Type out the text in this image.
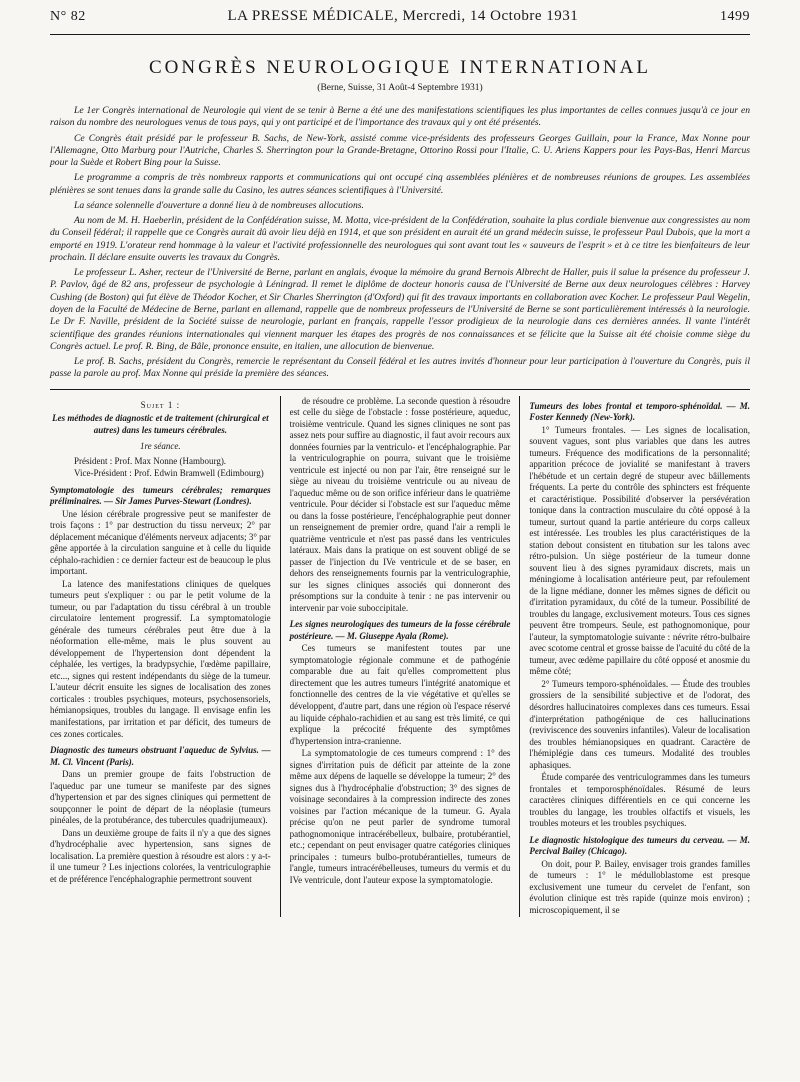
N° 82	LA PRESSE MÉDICALE, Mercredi, 14 Octobre 1931	1499
CONGRÈS NEUROLOGIQUE INTERNATIONAL
(Berne, Suisse, 31 Août-4 Septembre 1931)

Le 1er Congrès international de Neurologie qui vient de se tenir à Berne a été une des manifestations scientifiques les plus importantes de celles connues jusqu'à ce jour en raison du nombre des neurologues venus de tous pays, qui y ont participé et de l'importance des travaux qui y ont été présentés.

Ce Congrès était présidé par le professeur B. Sachs, de New-York, assisté comme vice-présidents des professeurs Georges Guillain, pour la France, Max Nonne pour l'Allemagne, Otto Marburg pour l'Autriche, Charles S. Sherrington pour la Grande-Bretagne, Ottorino Rossi pour l'Italie, C. U. Ariens Kappers pour les Pays-Bas, Henri Marcus pour la Suède et Robert Bing pour la Suisse.

Le programme a compris de très nombreux rapports et communications qui ont occupé cinq assemblées plénières et de nombreuses réunions de groupes. Les assemblées plénières se sont tenues dans la grande salle du Casino, les autres séances scientifiques à l'Université.

La séance solennelle d'ouverture a donné lieu à de nombreuses allocutions.

Au nom de M. H. Haeberlin, président de la Confédération suisse, M. Motta, vice-président de la Confédération, souhaite la plus cordiale bienvenue aux congressistes au nom du Conseil fédéral; il rappelle que ce Congrès aurait dû avoir lieu déjà en 1914, et que son président en aurait été un grand médecin suisse, le professeur Paul Dubois, que la mort a emporté en 1919. L'orateur rend hommage à la valeur et l'activité professionnelle des neurologues qui sont avant tout les « sauveurs de l'esprit » et à ce titre les bienfaiteurs de leur prochain. Il déclare ensuite ouverts les travaux du Congrès.

Le professeur L. Asher, recteur de l'Université de Berne, parlant en anglais, évoque la mémoire du grand Bernois Albrecht de Haller, puis il salue la présence du professeur J. P. Pavlov, âgé de 82 ans, professeur de psychologie à Léningrad. Il remet le diplôme de docteur honoris causa de l'Université de Berne aux deux neurologues célèbres : Harvey Cushing (de Boston) qui fut élève de Théodor Kocher, et Sir Charles Sherrington (d'Oxford) qui fit des travaux importants en collaboration avec Kocher. Le professeur Paul Wegelin, doyen de la Faculté de Médecine de Berne, parlant en allemand, rappelle que de nombreux professeurs de l'Université de Berne se sont particulièrement intéressés à la neurologie. Le Dr F. Naville, président de la Société suisse de neurologie, parlant en français, rappelle l'essor prodigieux de la neurologie dans ces dernières années. Il vante l'intérêt scientifique des grandes réunions internationales qui viennent marquer les étapes des progrès de nos connaissances et se félicite que la Suisse ait été choisie comme siège du Congrès actuel. Le prof. R. Bing, de Bâle, prononce ensuite, en italien, une allocution de bienvenue.

Le prof. B. Sachs, président du Congrès, remercie le représentant du Conseil fédéral et les autres invités d'honneur pour leur participation à l'ouverture du Congrès, puis il passe la parole au prof. Max Nonne qui préside la première des séances.

Sujet 1 :
Les méthodes de diagnostic et de traitement (chirurgical et autres) dans les tumeurs cérébrales.
1re séance.

Président : Prof. Max Nonne (Hambourg).

Vice-Président : Prof. Edwin Bramwell (Edimbourg)

Symptomatologie des tumeurs cérébrales; remarques préliminaires. — Sir James Purves-Stewart (Londres).

Une lésion cérébrale progressive peut se manifester de trois façons : 1° par destruction du tissu nerveux; 2° par déplacement mécanique d'éléments nerveux adjacents; 3° par gêne apportée à la circulation sanguine et à celle du liquide céphalo-rachidien : ce dernier facteur est de beaucoup le plus important.

La latence des manifestations cliniques de quelques tumeurs peut s'expliquer : ou par le petit volume de la tumeur, ou par l'adaptation du tissu cérébral à un trouble circulatoire lentement progressif. La symptomatologie générale des tumeurs cérébrales peut être due à la néoformation elle-même, mais le plus souvent au développement de l'hypertension dont dépendent la céphalée, les vertiges, la bradypsychie, l'œdème papillaire, etc..., signes qui restent indépendants du siège de la tumeur. L'auteur décrit ensuite les signes de localisation des zones corticales : troubles psychiques, moteurs, psychosensoriels, hémianopsiques, troubles du langage. Il envisage enfin les manifestations, par irritation et par déficit, des tumeurs de ces zones corticales.

Diagnostic des tumeurs obstruant l'aqueduc de Sylvius. — M. Cl. Vincent (Paris).

Dans un premier groupe de faits l'obstruction de l'aqueduc par une tumeur se manifeste par des signes d'hypertension et par des signes cliniques qui permettent de soupçonner le point de départ de la néoplasie (tumeurs pinéales, de la protubérance, des tubercules quadrijumeaux).

Dans un deuxième groupe de faits il n'y a que des signes d'hydrocéphalie avec hypertension, sans signes de localisation. La première question à résoudre est alors : y a-t-il une tumeur ? Les injections colorées, la ventriculographie et de préférence l'encéphalographie permettront souvent

de résoudre ce problème. La seconde question à résoudre est celle du siège de l'obstacle : fosse postérieure, aqueduc, troisième ventricule. Quand les signes cliniques ne sont pas assez nets pour suffire au diagnostic, il faut avoir recours aux données fournies par la ventriculo- et l'encéphalographie. Par la ventriculographie on pourra, suivant que le troisième ventricule est injecté ou non par l'air, être renseigné sur le siège au niveau du troisième ventricule ou au niveau de l'aqueduc même ou de son orifice inférieur dans le quatrième ventricule. Pour décider si l'obstacle est sur l'aqueduc même ou dans la fosse postérieure, l'encéphalographie peut donner un renseignement de premier ordre, quand l'air a rempli le quatrième ventricule et n'est pas passé dans les ventricules latéraux. Mais dans la pratique on est souvent obligé de se passer de l'injection du IVe ventricule et de se baser, en dehors des renseignements fournis par la ventriculographie, sur les signes cliniques associés qui donneront des présomptions sur la conduite à tenir : ne pas intervenir ou intervenir par voie suboccipitale.

Les signes neurologiques des tumeurs de la fosse cérébrale postérieure. — M. Giuseppe Ayala (Rome).

Ces tumeurs se manifestent toutes par une symptomatologie régionale commune et de pathogénie comparable due au fait qu'elles compromettent plus directement que les autres tumeurs l'intégrité anatomique et fonctionnelle des centres de la vie végétative et qu'elles se développent, d'autre part, dans une région où l'espace réservé au liquide céphalo-rachidien et au sang est très limité, ce qui explique la précocité fréquente des symptômes d'hypertension intra-cranienne.

La symptomatologie de ces tumeurs comprend : 1° des signes d'irritation puis de déficit par atteinte de la zone même aux dépens de laquelle se développe la tumeur; 2° des signes dus à l'hydrocéphalie d'obstruction; 3° des signes de voisinage secondaires à la compression indirecte des zones voisines par l'action mécanique de la tumeur. G. Ayala précise qu'on ne peut parler de syndrome tumoral pathognomonique intracérébelleux, bulbaire, protubérantiel, etc.; cependant on peut envisager quatre catégories cliniques principales : tumeurs bulbo-protubérantielles, tumeurs de l'angle, tumeurs intracérébelleuses, tumeurs du vermis et du IVe ventricule, dont l'auteur expose la symptomatologie.

Tumeurs des lobes frontal et temporo-sphénoïdal. — M. Foster Kennedy (New-York).

1° Tumeurs frontales. — Les signes de localisation, souvent vagues, sont plus variables que dans les autres tumeurs. Fréquence des modifications de la personnalité; apparition précoce de jovialité se manifestant à travers l'hébétude et un certain degré de stupeur avec bâillements fréquents. La perte du contrôle des sphincters est fréquente et caractéristique. Possibilité d'observer la persévération tonique dans la contraction musculaire du côté opposé à la tumeur, surtout quand la partie antérieure du corps calleux est intéressée. Les troubles les plus caractéristiques de la station debout consistent en titubation sur les talons avec rétro-pulsion. Un siège postérieur de la tumeur donne souvent lieu à des signes pyramidaux discrets, mais un méningiome à localisation antérieure peut, par refoulement de la ligne médiane, donner les mêmes signes de déficit ou d'irritation pyramidaux, du côté de la tumeur. Possibilité de troubles du langage, exclusivement moteurs. Tous ces signes peuvent être trompeurs. Seule, est pathognomonique, pour l'auteur, la symptomatologie suivante : névrite rétro-bulbaire avec scotome central et grosse baisse de l'acuité du côté de la tumeur, avec œdème papillaire du côté opposé et anosmie du même côté;

2° Tumeurs temporo-sphénoïdales. — Étude des troubles grossiers de la sensibilité subjective et de l'odorat, des désordres hallucinatoires complexes dans ces tumeurs. Essai d'interprétation pathogénique de ces hallucinations (reviviscence des souvenirs infantiles). Valeur de localisation des troubles hémianopsiques en quadrant. Caractère de l'hémiplégie dans ces tumeurs. Modalité des troubles aphasiques.

Étude comparée des ventriculogrammes dans les tumeurs frontales et temporosphénoïdales. Résumé de leurs caractères cliniques différentiels en ce qui concerne les troubles du langage, les troubles olfactifs et visuels, les troubles moteurs et les troubles psychiques.

Le diagnostic histologique des tumeurs du cerveau. — M. Percival Bailey (Chicago).

On doit, pour P. Bailey, envisager trois grandes familles de tumeurs : 1° le médulloblastome est presque exclusivement une tumeur du cervelet de l'enfant, son évolution clinique est très rapide (quinze mois environ) ; microscopiquement, il se
